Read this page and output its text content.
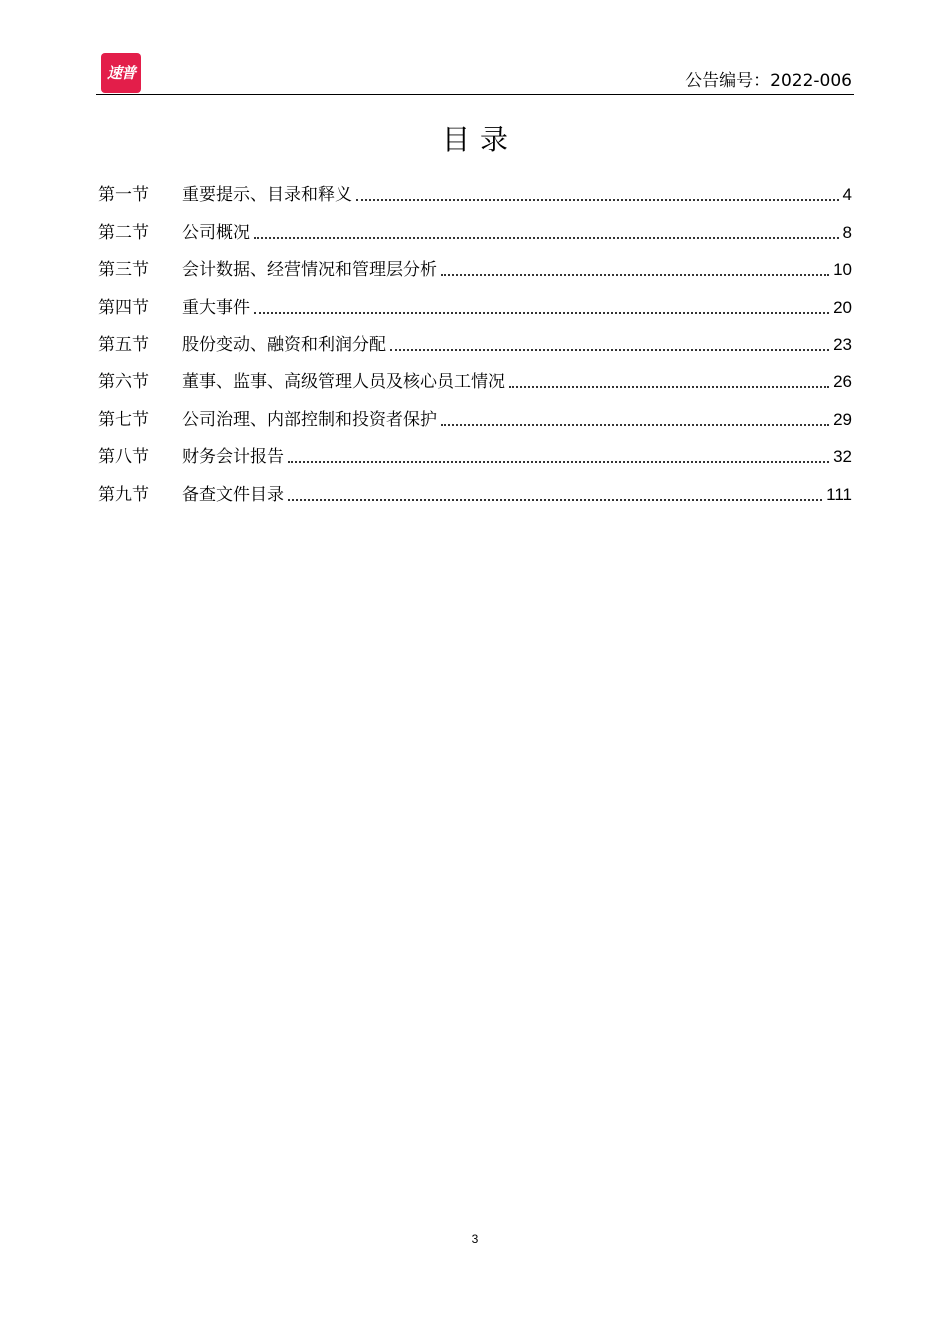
速普	公告编号：2022-006
目录
第一节	重要提示、目录和释义	4
第二节	公司概况	8
第三节	会计数据、经营情况和管理层分析	10
第四节	重大事件	20
第五节	股份变动、融资和利润分配	23
第六节	董事、监事、高级管理人员及核心员工情况	26
第七节	公司治理、内部控制和投资者保护	29
第八节	财务会计报告	32
第九节	备查文件目录	111
3
